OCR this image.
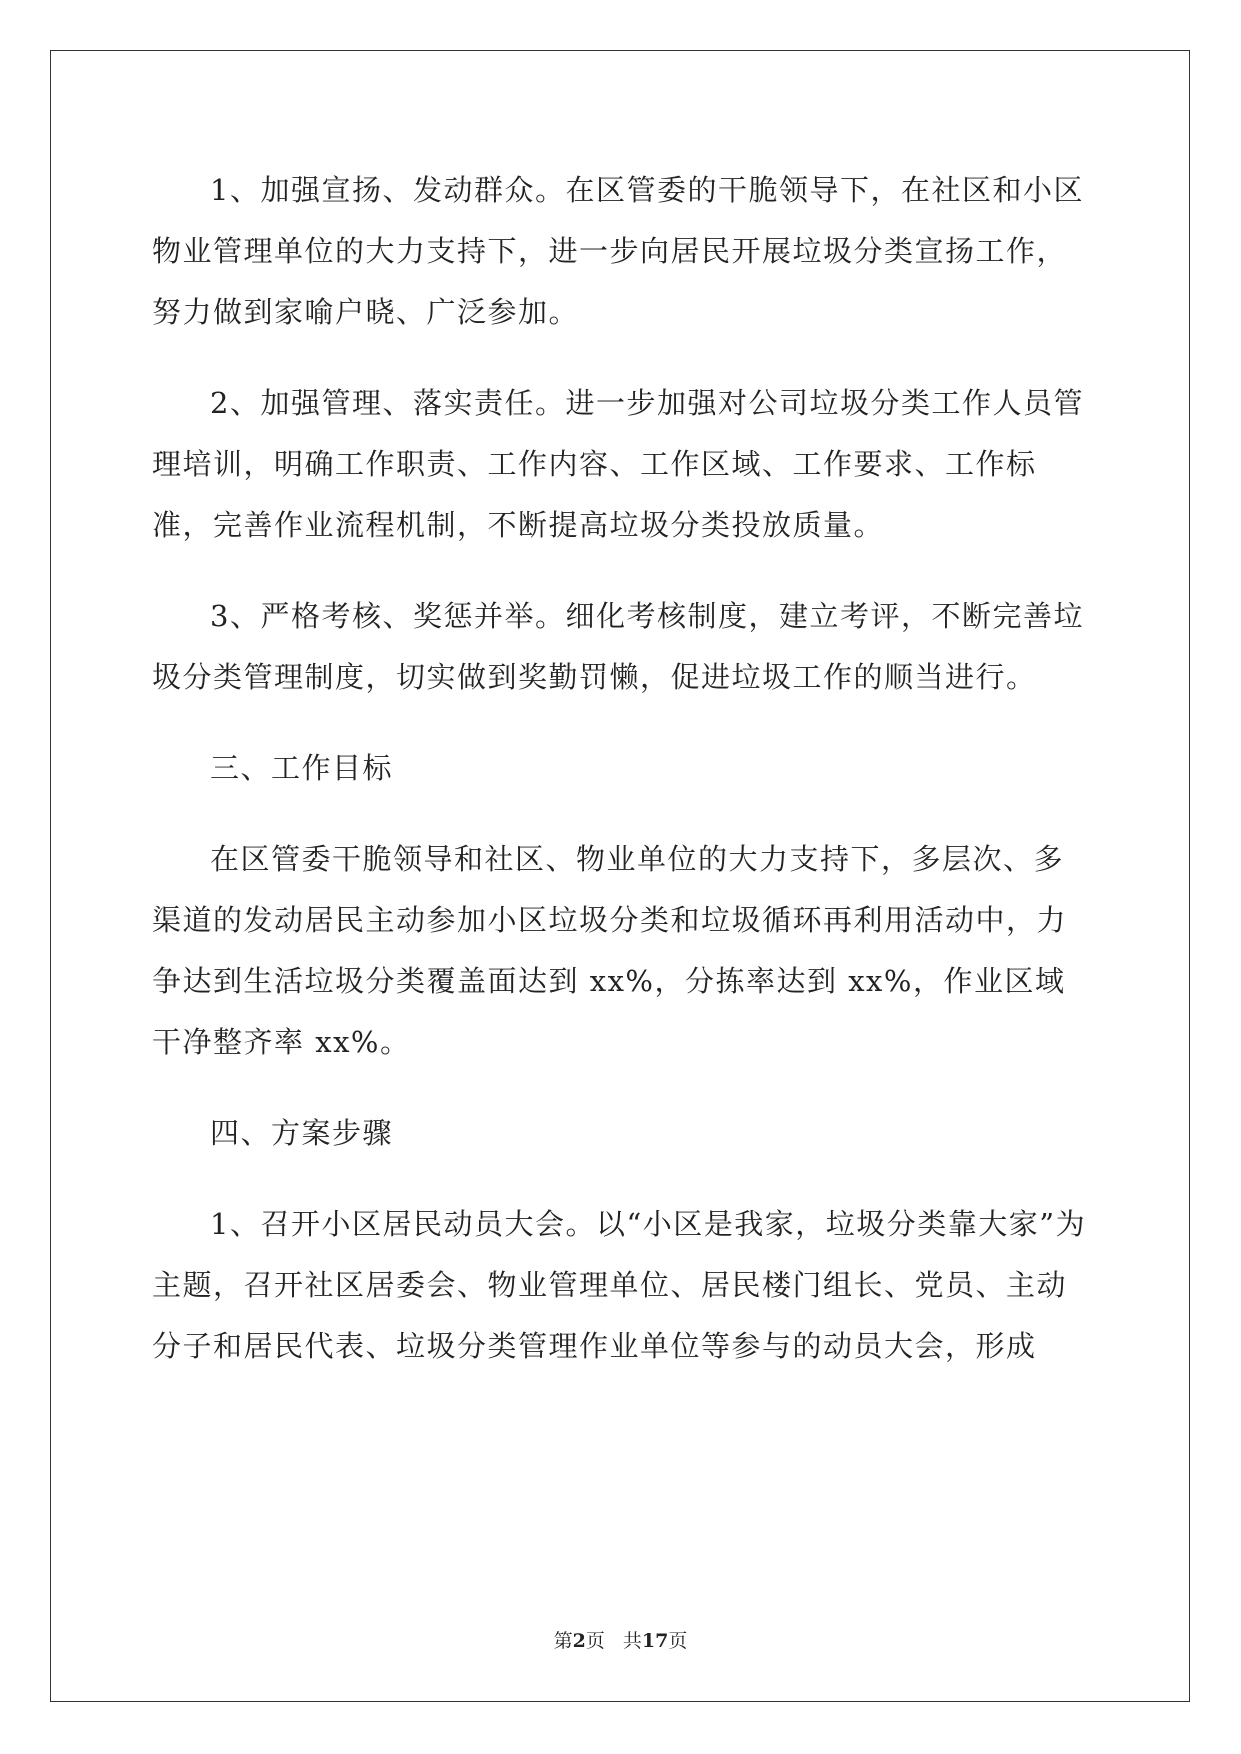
1、加强宣扬、发动群众。在区管委的干脆领导下，在社区和小区物业管理单位的大力支持下，进一步向居民开展垃圾分类宣扬工作，努力做到家喻户晓、广泛参加。

2、加强管理、落实责任。进一步加强对公司垃圾分类工作人员管理培训，明确工作职责、工作内容、工作区域、工作要求、工作标准，完善作业流程机制，不断提高垃圾分类投放质量。

3、严格考核、奖惩并举。细化考核制度，建立考评，不断完善垃圾分类管理制度，切实做到奖勤罚懒，促进垃圾工作的顺当进行。

三、工作目标

在区管委干脆领导和社区、物业单位的大力支持下，多层次、多渠道的发动居民主动参加小区垃圾分类和垃圾循环再利用活动中，力争达到生活垃圾分类覆盖面达到 xx%，分拣率达到 xx%，作业区域干净整齐率 xx%。

四、方案步骤

1、召开小区居民动员大会。以“小区是我家，垃圾分类靠大家”为主题，召开社区居委会、物业管理单位、居民楼门组长、党员、主动分子和居民代表、垃圾分类管理作业单位等参与的动员大会，形成

第2页 共17页
